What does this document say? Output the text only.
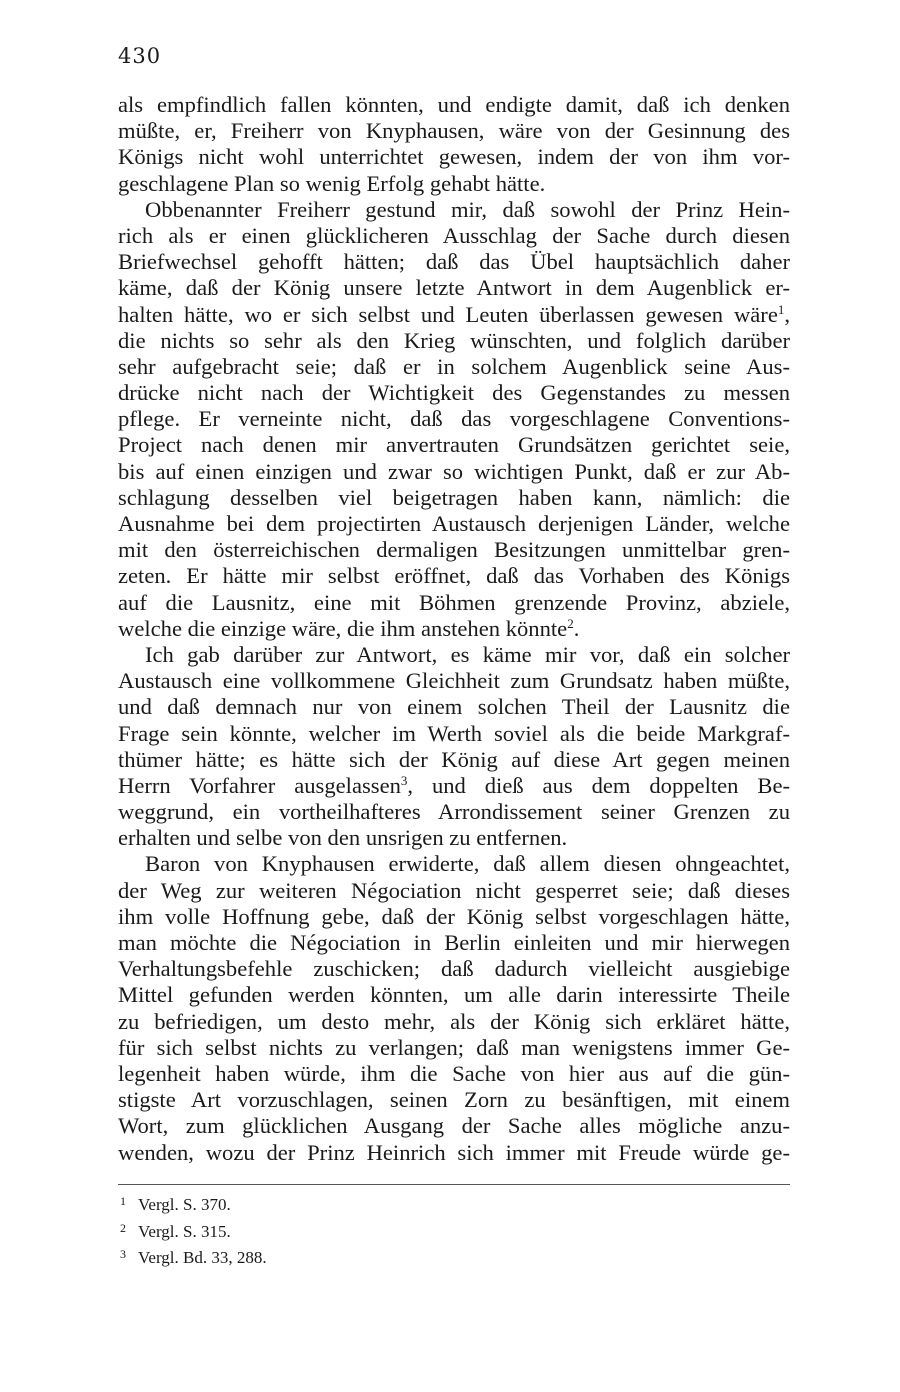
430
als empfindlich fallen könnten, und endigte damit, daß ich denken
müßte, er, Freiherr von Knyphausen, wäre von der Gesinnung des
Königs nicht wohl unterrichtet gewesen, indem der von ihm vor-
geschlagene Plan so wenig Erfolg gehabt hätte.
Obbenannter Freiherr gestund mir, daß sowohl der Prinz Hein-
rich als er einen glücklicheren Ausschlag der Sache durch diesen
Briefwechsel gehofft hätten; daß das Übel hauptsächlich daher
käme, daß der König unsere letzte Antwort in dem Augenblick er-
halten hätte, wo er sich selbst und Leuten überlassen gewesen wäre$^1$,
die nichts so sehr als den Krieg wünschten, und folglich darüber
sehr aufgebracht seie; daß er in solchem Augenblick seine Aus-
drücke nicht nach der Wichtigkeit des Gegenstandes zu messen
pflege. Er verneinte nicht, daß das vorgeschlagene Conventions-
Project nach denen mir anvertrauten Grundsätzen gerichtet seie,
bis auf einen einzigen und zwar so wichtigen Punkt, daß er zur Ab-
schlagung desselben viel beigetragen haben kann, nämlich: die
Ausnahme bei dem projectirten Austausch derjenigen Länder, welche
mit den österreichischen dermaligen Besitzungen unmittelbar gren-
zeten. Er hätte mir selbst eröffnet, daß das Vorhaben des Königs
auf die Lausnitz, eine mit Böhmen grenzende Provinz, abziele,
welche die einzige wäre, die ihm anstehen könnte$^2$.
Ich gab darüber zur Antwort, es käme mir vor, daß ein solcher
Austausch eine vollkommene Gleichheit zum Grundsatz haben müßte,
und daß demnach nur von einem solchen Theil der Lausnitz die
Frage sein könnte, welcher im Werth soviel als die beide Markgraf-
thümer hätte; es hätte sich der König auf diese Art gegen meinen
Herrn Vorfahrer ausgelassen$^3$, und dieß aus dem doppelten Be-
weggrund, ein vortheilhafteres Arrondissement seiner Grenzen zu
erhalten und selbe von den unsrigen zu entfernen.
Baron von Knyphausen erwiderte, daß allem diesen ohngeachtet,
der Weg zur weiteren Négociation nicht gesperret seie; daß dieses
ihm volle Hoffnung gebe, daß der König selbst vorgeschlagen hätte,
man möchte die Négociation in Berlin einleiten und mir hierwegen
Verhaltungsbefehle zuschicken; daß dadurch vielleicht ausgiebige
Mittel gefunden werden könnten, um alle darin interessirte Theile
zu befriedigen, um desto mehr, als der König sich erkläret hätte,
für sich selbst nichts zu verlangen; daß man wenigstens immer Ge-
legenheit haben würde, ihm die Sache von hier aus auf die gün-
stigste Art vorzuschlagen, seinen Zorn zu besänftigen, mit einem
Wort, zum glücklichen Ausgang der Sache alles mögliche anzu-
wenden, wozu der Prinz Heinrich sich immer mit Freude würde ge-
1 Vergl. S. 370.
2 Vergl. S. 315.
3 Vergl. Bd. 33, 288.
